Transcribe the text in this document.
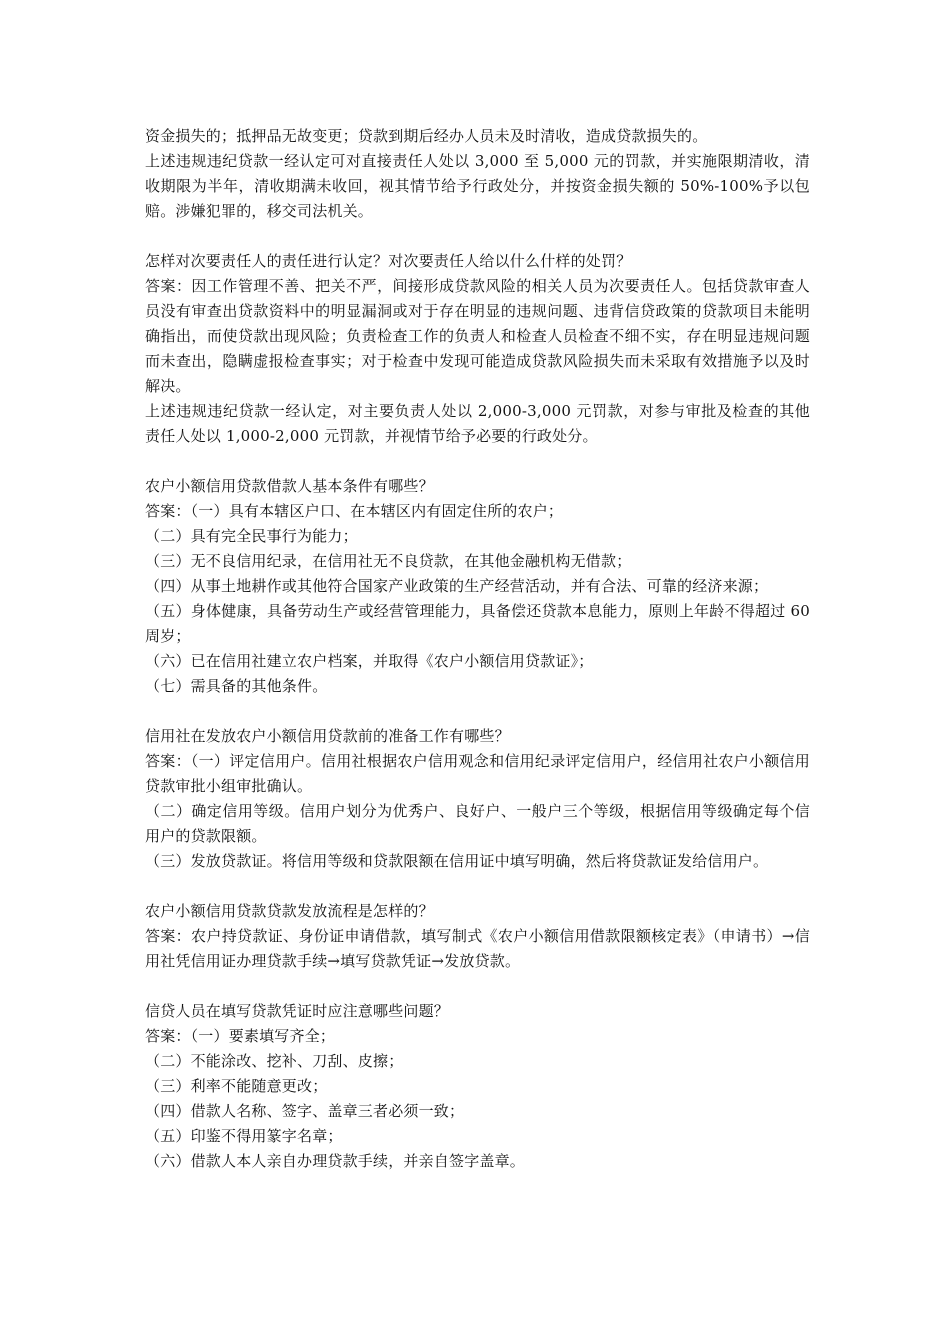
资金损失的；抵押品无故变更；贷款到期后经办人员未及时清收，造成贷款损失的。

上述违规违纪贷款一经认定可对直接责任人处以 3,000 至 5,000 元的罚款，并实施限期清收，清收期限为半年，清收期满未收回，视其情节给予行政处分，并按资金损失额的 50%-100%予以包赔。涉嫌犯罪的，移交司法机关。

怎样对次要责任人的责任进行认定？对次要责任人给以什么什样的处罚？

答案：因工作管理不善、把关不严，间接形成贷款风险的相关人员为次要责任人。包括贷款审查人员没有审查出贷款资料中的明显漏洞或对于存在明显的违规问题、违背信贷政策的贷款项目未能明确指出，而使贷款出现风险；负责检查工作的负责人和检查人员检查不细不实，存在明显违规问题而未查出，隐瞒虚报检查事实；对于检查中发现可能造成贷款风险损失而未采取有效措施予以及时解决。

上述违规违纪贷款一经认定，对主要负责人处以 2,000-3,000 元罚款，对参与审批及检查的其他责任人处以 1,000-2,000 元罚款，并视情节给予必要的行政处分。

农户小额信用贷款借款人基本条件有哪些？

答案：（一）具有本辖区户口、在本辖区内有固定住所的农户；

（二）具有完全民事行为能力；

（三）无不良信用纪录，在信用社无不良贷款，在其他金融机构无借款；

（四）从事土地耕作或其他符合国家产业政策的生产经营活动，并有合法、可靠的经济来源；

（五）身体健康，具备劳动生产或经营管理能力，具备偿还贷款本息能力，原则上年龄不得超过 60 周岁；

（六）已在信用社建立农户档案，并取得《农户小额信用贷款证》；

（七）需具备的其他条件。

信用社在发放农户小额信用贷款前的准备工作有哪些？

答案：（一）评定信用户。信用社根据农户信用观念和信用纪录评定信用户，经信用社农户小额信用贷款审批小组审批确认。

（二）确定信用等级。信用户划分为优秀户、良好户、一般户三个等级，根据信用等级确定每个信用户的贷款限额。

（三）发放贷款证。将信用等级和贷款限额在信用证中填写明确，然后将贷款证发给信用户。

农户小额信用贷款贷款发放流程是怎样的？

答案：农户持贷款证、身份证申请借款，填写制式《农户小额信用借款限额核定表》（申请书）→信用社凭信用证办理贷款手续→填写贷款凭证→发放贷款。

信贷人员在填写贷款凭证时应注意哪些问题？

答案：（一）要素填写齐全；

（二）不能涂改、挖补、刀刮、皮擦；

（三）利率不能随意更改；

（四）借款人名称、签字、盖章三者必须一致；

（五）印鉴不得用篆字名章；

（六）借款人本人亲自办理贷款手续，并亲自签字盖章。
